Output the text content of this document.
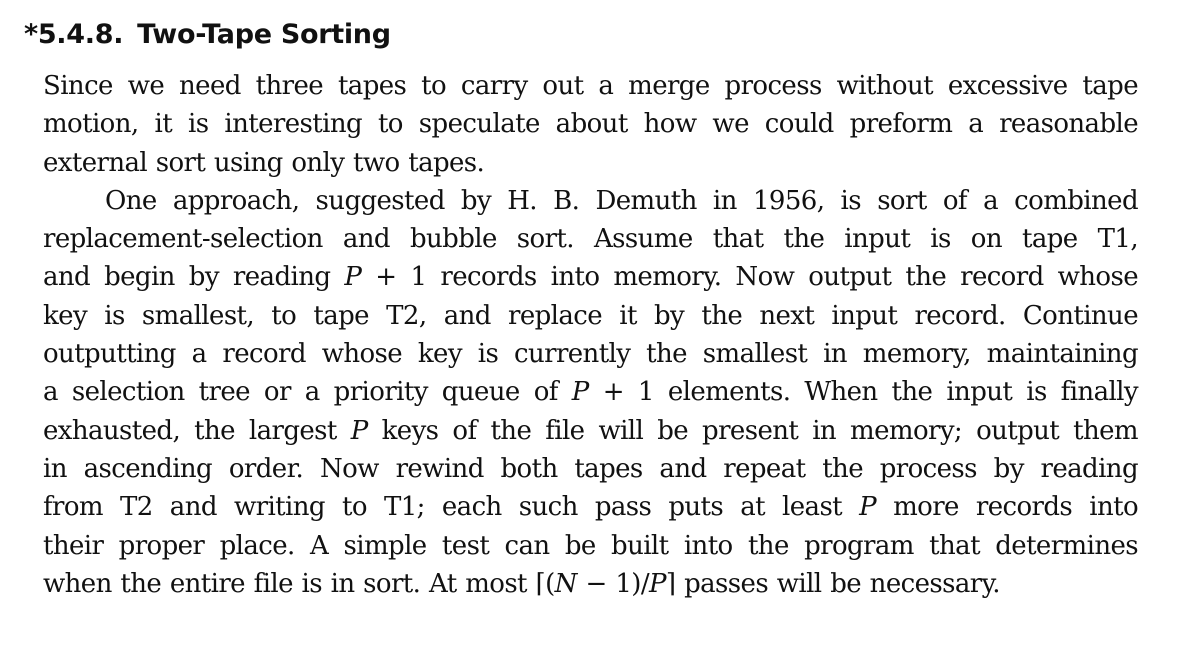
*5.4.8. Two-Tape Sorting
Since we need three tapes to carry out a merge process without excessive tape
motion, it is interesting to speculate about how we could preform a reasonable
external sort using only two tapes.
One approach, suggested by H. B. Demuth in 1956, is sort of a combined
replacement-selection and bubble sort. Assume that the input is on tape T1,
and begin by reading P + 1 records into memory. Now output the record whose
key is smallest, to tape T2, and replace it by the next input record. Continue
outputting a record whose key is currently the smallest in memory, maintaining
a selection tree or a priority queue of P + 1 elements. When the input is finally
exhausted, the largest P keys of the file will be present in memory; output them
in ascending order. Now rewind both tapes and repeat the process by reading
from T2 and writing to T1; each such pass puts at least P more records into
their proper place. A simple test can be built into the program that determines
when the entire file is in sort. At most ⌈(N − 1)/P⌉ passes will be necessary.
